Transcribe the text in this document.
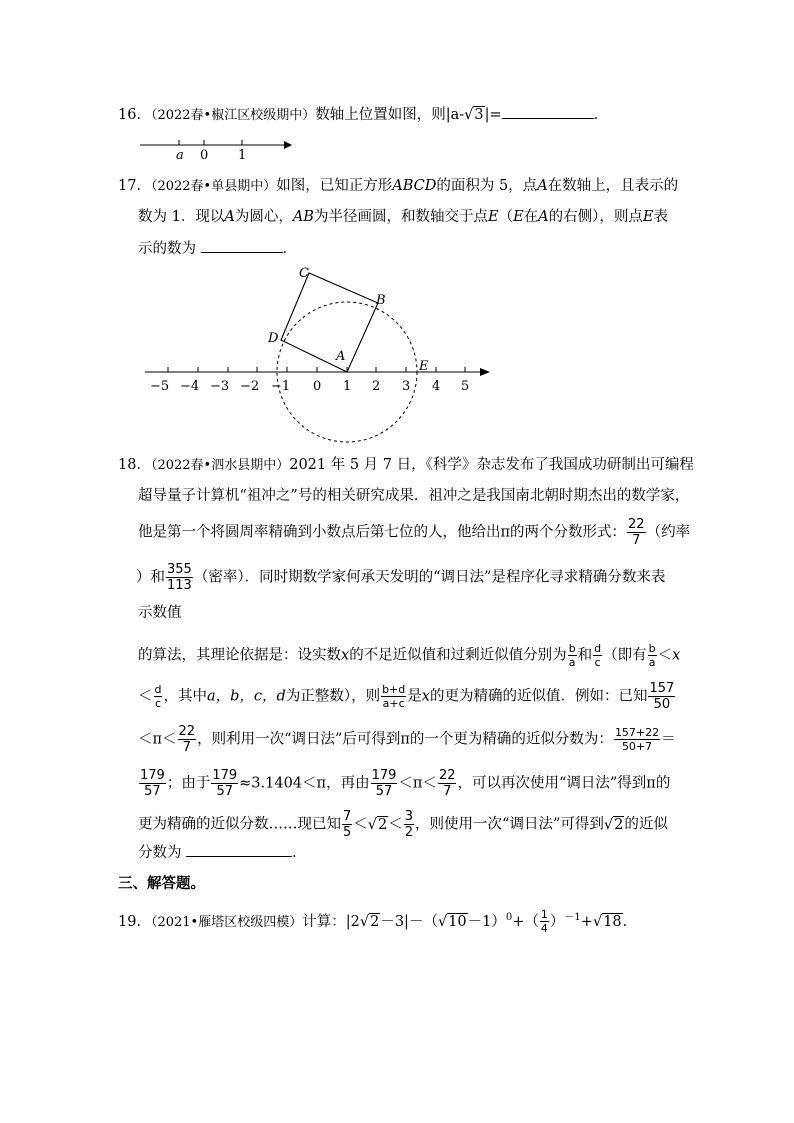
16．（2022春•椒江区校级期中）数轴上位置如图，则|a-√3|=	．
a 0 1
17．（2022春•单县期中）如图，已知正方形ABCD的面积为 5，点A在数轴上，且表示的
数为 1．现以A为圆心，AB为半径画圆，和数轴交于点E（E在A的右侧），则点E表
示的数为	．
−5 −4 −3 −2 −1 0 1 2 3 4 5
C
B
D
A
E
18．（2022春•泗水县期中）2021 年 5 月 7 日，《科学》杂志发布了我国成功研制出可编程
超导量子计算机“祖冲之”号的相关研究成果．祖冲之是我国南北朝时期杰出的数学家，
他是第一个将圆周率精确到小数点后第七位的人，他给出π的两个分数形式： $\frac{22}{7}$ （约率
）和 $\frac{355}{113}$ （密率）．同时期数学家何承天发明的“调日法”是程序化寻求精确分数来表
示数值
的算法，其理论依据是：设实数x的不足近似值和过剩近似值分别为 $\frac{b}{a}$ 和 $\frac{d}{c}$ （即有 $\frac{b}{a} <x$
＜ $\frac{d}{c}$ ，其中a，b，c，d为正整数），则 $\frac{b+d}{a+c}$ 是x的更为精确的近似值．例如：已知 $\frac{157}{50}$
$<\pi< \frac{22}{7}$ ，则利用一次“调日法”后可得到π的一个更为精确的近似分数为： $\frac{157+22}{50+7}$ ＝
$\frac{179}{57}$ ；由于 $\frac{179}{57} \approx 3.1404<\pi$，再由 $\frac{179}{57} <\pi< \frac{22}{7}$ ，可以再次使用“调日法”得到π的
更为精确的近似分数……现已知 $\frac{7}{5} <√2< \frac{3}{2}$ ，则使用一次“调日法”可得到√2的近似
分数为	．
三、解答题。
19．（2021•雁塔区校级四模）计算：$|2√2-3|-(√10-1)^0+( \frac{1}{4} )^{-1}+√18$．
